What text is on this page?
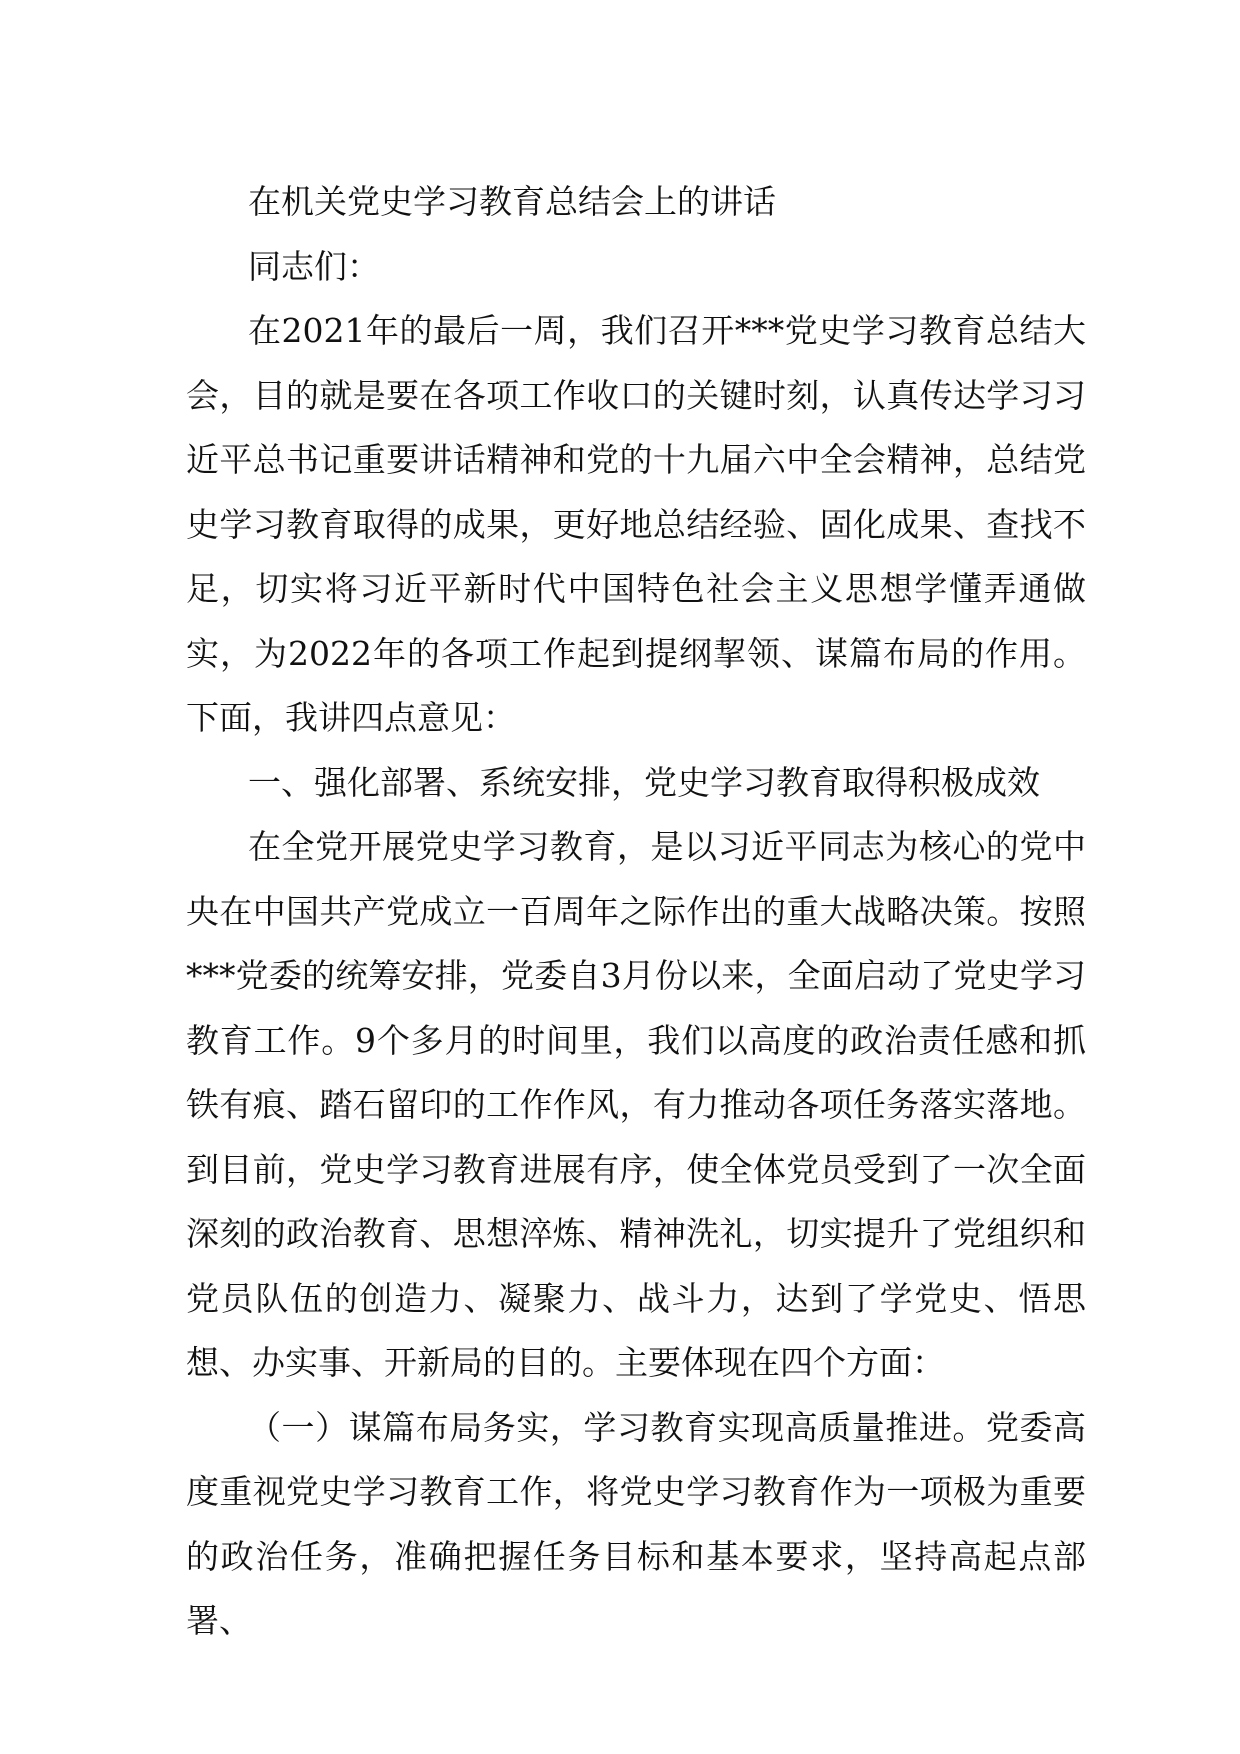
在机关党史学习教育总结会上的讲话

同志们：

在2021年的最后一周，我们召开***党史学习教育总结大会，目的就是要在各项工作收口的关键时刻，认真传达学习习近平总书记重要讲话精神和党的十九届六中全会精神，总结党史学习教育取得的成果，更好地总结经验、固化成果、查找不足，切实将习近平新时代中国特色社会主义思想学懂弄通做实，为2022年的各项工作起到提纲挈领、谋篇布局的作用。下面，我讲四点意见：

一、强化部署、系统安排，党史学习教育取得积极成效

在全党开展党史学习教育，是以习近平同志为核心的党中央在中国共产党成立一百周年之际作出的重大战略决策。按照***党委的统筹安排，党委自3月份以来，全面启动了党史学习教育工作。9个多月的时间里，我们以高度的政治责任感和抓铁有痕、踏石留印的工作作风，有力推动各项任务落实落地。到目前，党史学习教育进展有序，使全体党员受到了一次全面深刻的政治教育、思想淬炼、精神洗礼，切实提升了党组织和党员队伍的创造力、凝聚力、战斗力，达到了学党史、悟思想、办实事、开新局的目的。主要体现在四个方面：

（一）谋篇布局务实，学习教育实现高质量推进。党委高度重视党史学习教育工作，将党史学习教育作为一项极为重要的政治任务，准确把握任务目标和基本要求，坚持高起点部署、
